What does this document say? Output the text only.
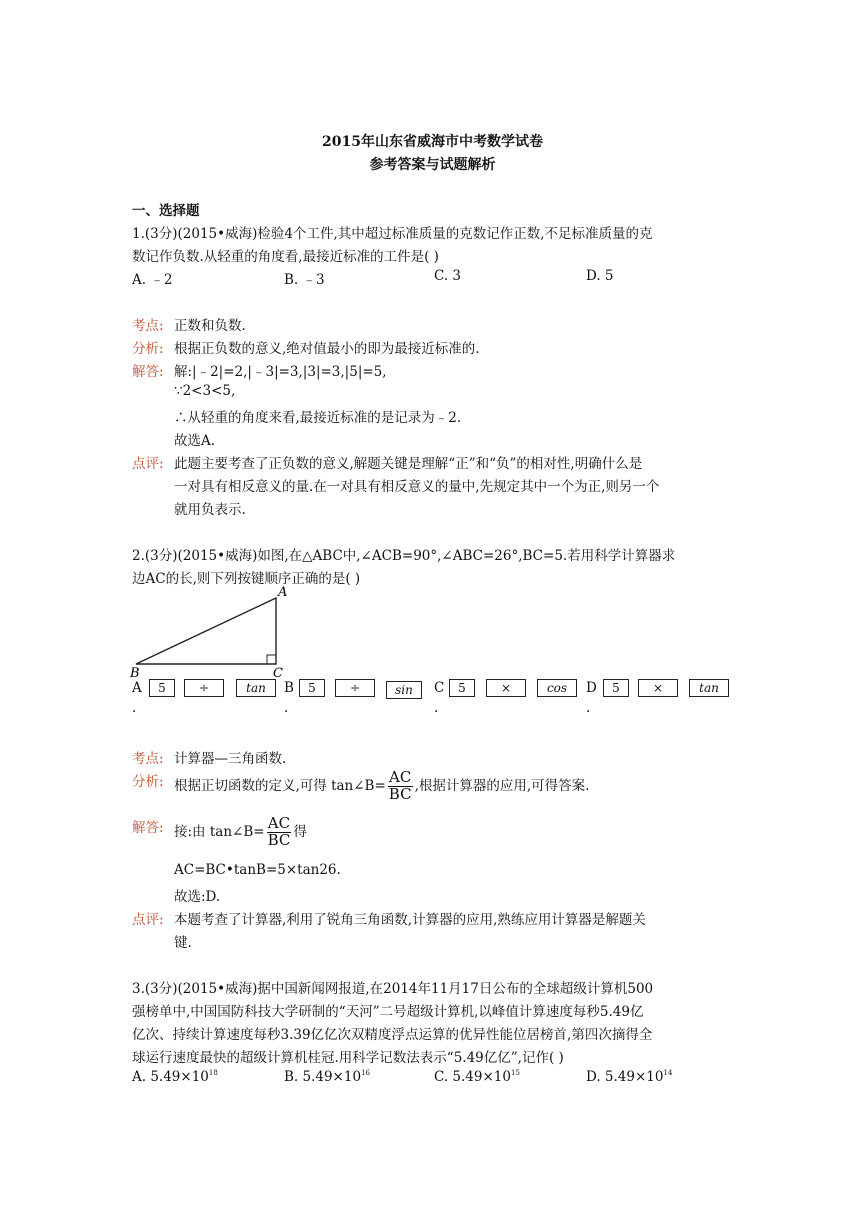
2015年山东省威海市中考数学试卷
参考答案与试题解析
一、选择题
1.(3分)(2015•威海)检验4个工件,其中超过标准质量的克数记作正数,不足标准质量的克
数记作负数.从轻重的角度看,最接近标准的工件是( )
A. ﹣2	B. ﹣3	C. 3	D. 5
考点: 正数和负数.
分析: 根据正负数的意义,绝对值最小的即为最接近标准的.
解答: 解:|﹣2|=2,|﹣3|=3,|3|=3,|5|=5,
∵2<3<5,
∴从轻重的角度来看,最接近标准的是记录为﹣2.
故选A.
点评: 此题主要考查了正负数的意义,解题关键是理解“正”和“负”的相对性,明确什么是
一对具有相反意义的量.在一对具有相反意义的量中,先规定其中一个为正,则另一个
就用负表示.
2.(3分)(2015•威海)如图,在△ABC中,∠ACB=90°,∠ABC=26°,BC=5.若用科学计算器求
边AC的长,则下列按键顺序正确的是( )
A
B	C
A
.
5	÷	tan	B
.
5	÷	sin	C
.
5	×	cos	D
.
5	×	tan
考点: 计算器—三角函数.
分析: 根据正切函数的定义,可得 tan∠B= $\frac{AC}{BC}$ ,根据计算器的应用,可得答案.
解答: 接:由 tan∠B= $\frac{AC}{BC}$ 得
AC=BC•tanB=5×tan26.
故选:D.
点评: 本题考查了计算器,利用了锐角三角函数,计算器的应用,熟练应用计算器是解题关
键.
3.(3分)(2015•威海)据中国新闻网报道,在2014年11月17日公布的全球超级计算机500
强榜单中,中国国防科技大学研制的“天河”二号超级计算机,以峰值计算速度每秒5.49亿
亿次、持续计算速度每秒3.39亿亿次双精度浮点运算的优异性能位居榜首,第四次摘得全
球运行速度最快的超级计算机桂冠.用科学记数法表示“5.49亿亿”,记作( )
A. $5.49\times 10^{18}$	B. $5.49\times 10^{16}$	C. $5.49\times 10^{15}$	D. $5.49\times 10^{14}$
